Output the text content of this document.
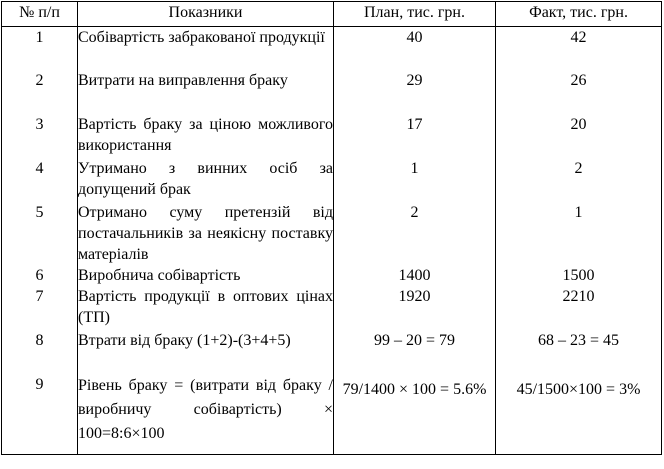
№ п/п	Показники	План, тис. грн.	Факт, тис. грн.
1	Собівартість забракованої продукції	40	42
2	Витрати на виправлення браку	29	26
3	Вартість браку за ціною можливого використання	17	20
4	Утримано з винних осіб за допущений брак	1	2
5	Отримано суму претензій від постачальників за неякісну поставку матеріалів	2	1
6	Виробнича собівартість	1400	1500
7	Вартість продукції в оптових цінах (ТП)	1920	2210
8	Втрати від браку (1+2)-(3+4+5)	99 – 20 = 79	68 – 23 = 45
9	Рівень браку = (витрати від браку / виробничу собівартість) × 100=8:6×100	79/1400 × 100 = 5.6%	45/1500×100 = 3%
